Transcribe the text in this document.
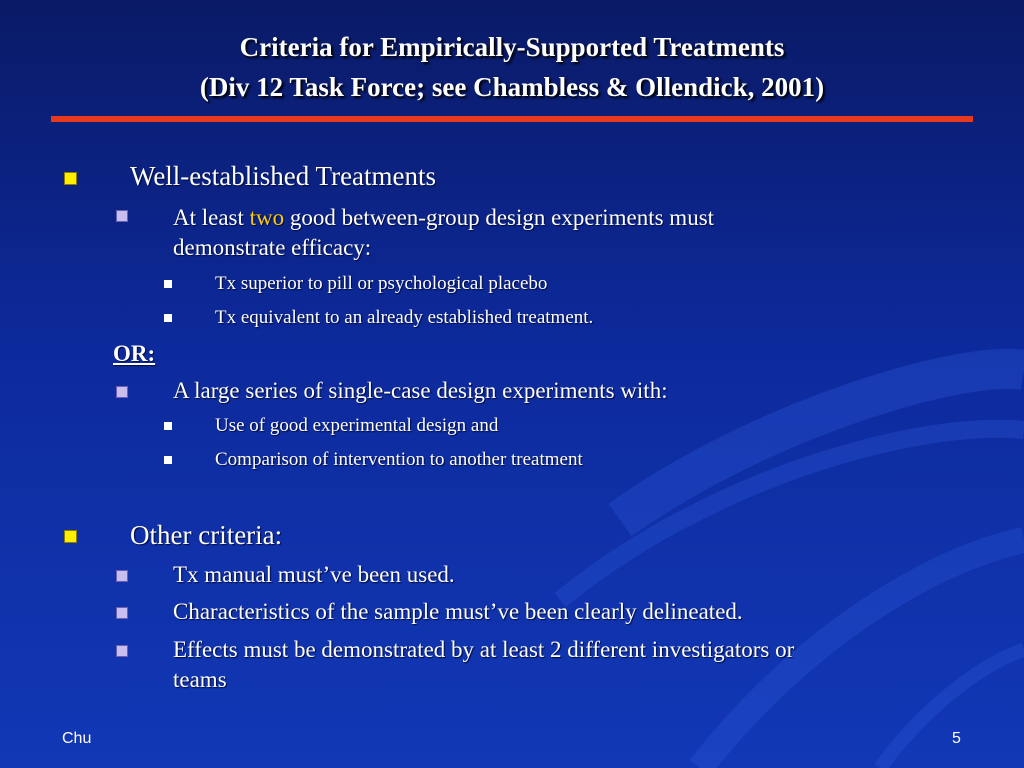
Criteria for Empirically-Supported Treatments
(Div 12 Task Force; see Chambless & Ollendick, 2001)
Well-established Treatments
At least two good between-group design experiments must
demonstrate efficacy:
Tx superior to pill or psychological placebo
Tx equivalent to an already established treatment.
OR:
A large series of single-case design experiments with:
Use of good experimental design and
Comparison of intervention to another treatment
Other criteria:
Tx manual must’ve been used.
Characteristics of the sample must’ve been clearly delineated.
Effects must be demonstrated by at least 2 different investigators or
teams
Chu	5
